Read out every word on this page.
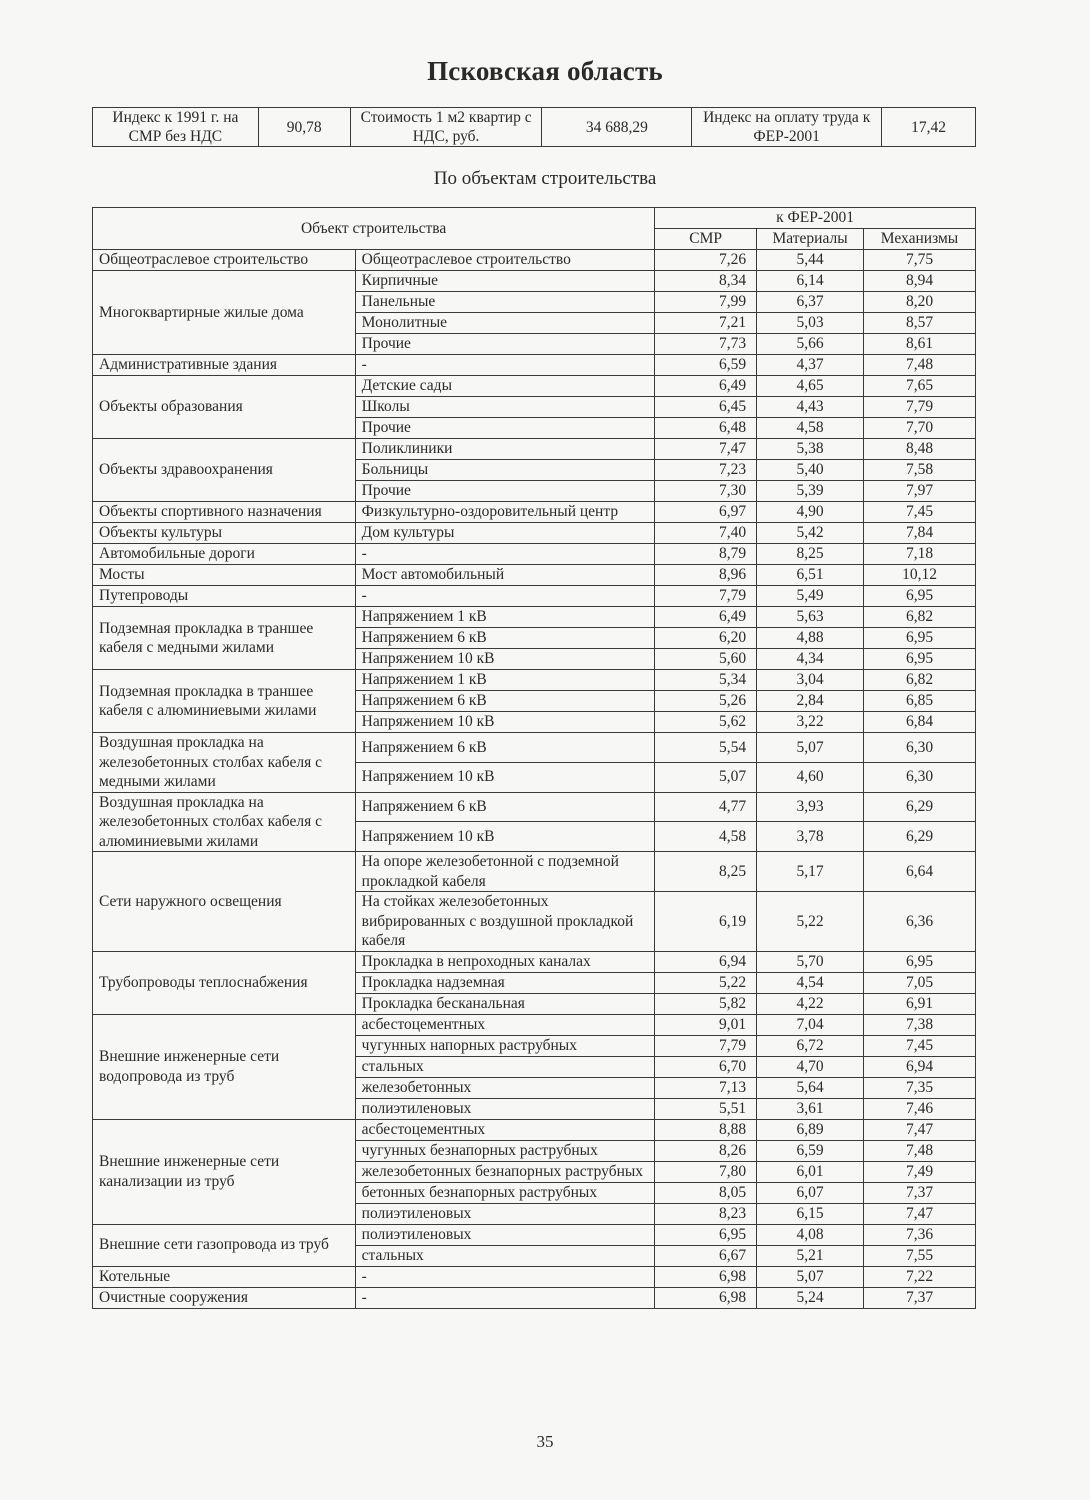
Псковская область
Индекс к 1991 г. на СМР без НДС	90,78	Стоимость 1 м2 квартир с НДС, руб.	34 688,29	Индекс на оплату труда к ФЕР-2001	17,42
По объектам строительства
Объект строительства		к ФЕР-2001		
		СМР	Материалы	Механизмы
Общеотраслевое строительство	Общеотраслевое строительство	7,26	5,44	7,75
Многоквартирные жилые дома	Кирпичные	8,34	6,14	8,94
	Панельные	7,99	6,37	8,20
	Монолитные	7,21	5,03	8,57
	Прочие	7,73	5,66	8,61
Административные здания	-	6,59	4,37	7,48
Объекты образования	Детские сады	6,49	4,65	7,65
	Школы	6,45	4,43	7,79
	Прочие	6,48	4,58	7,70
Объекты здравоохранения	Поликлиники	7,47	5,38	8,48
	Больницы	7,23	5,40	7,58
	Прочие	7,30	5,39	7,97
Объекты спортивного назначения	Физкультурно-оздоровительный центр	6,97	4,90	7,45
Объекты культуры	Дом культуры	7,40	5,42	7,84
Автомобильные дороги	-	8,79	8,25	7,18
Мосты	Мост автомобильный	8,96	6,51	10,12
Путепроводы	-	7,79	5,49	6,95
Подземная прокладка в траншее кабеля с медными жилами	Напряжением 1 кВ	6,49	5,63	6,82
	Напряжением 6 кВ	6,20	4,88	6,95
	Напряжением 10 кВ	5,60	4,34	6,95
Подземная прокладка в траншее кабеля с алюминиевыми жилами	Напряжением 1 кВ	5,34	3,04	6,82
	Напряжением 6 кВ	5,26	2,84	6,85
	Напряжением 10 кВ	5,62	3,22	6,84
Воздушная прокладка на железобетонных столбах кабеля с медными жилами	Напряжением 6 кВ	5,54	5,07	6,30
	Напряжением 10 кВ	5,07	4,60	6,30
Воздушная прокладка на железобетонных столбах кабеля с алюминиевыми жилами	Напряжением 6 кВ	4,77	3,93	6,29
	Напряжением 10 кВ	4,58	3,78	6,29
Сети наружного освещения	На опоре железобетонной с подземной прокладкой кабеля	8,25	5,17	6,64
	На стойках железобетонных вибрированных с воздушной прокладкой кабеля	6,19	5,22	6,36
Трубопроводы теплоснабжения	Прокладка в непроходных каналах	6,94	5,70	6,95
	Прокладка надземная	5,22	4,54	7,05
	Прокладка бесканальная	5,82	4,22	6,91
Внешние инженерные сети водопровода из труб	асбестоцементных	9,01	7,04	7,38
	чугунных напорных раструбных	7,79	6,72	7,45
	стальных	6,70	4,70	6,94
	железобетонных	7,13	5,64	7,35
	полиэтиленовых	5,51	3,61	7,46
Внешние инженерные сети канализации из труб	асбестоцементных	8,88	6,89	7,47
	чугунных безнапорных раструбных	8,26	6,59	7,48
	железобетонных безнапорных раструбных	7,80	6,01	7,49
	бетонных безнапорных раструбных	8,05	6,07	7,37
	полиэтиленовых	8,23	6,15	7,47
Внешние сети газопровода из труб	полиэтиленовых	6,95	4,08	7,36
	стальных	6,67	5,21	7,55
Котельные	-	6,98	5,07	7,22
Очистные сооружения	-	6,98	5,24	7,37
35
